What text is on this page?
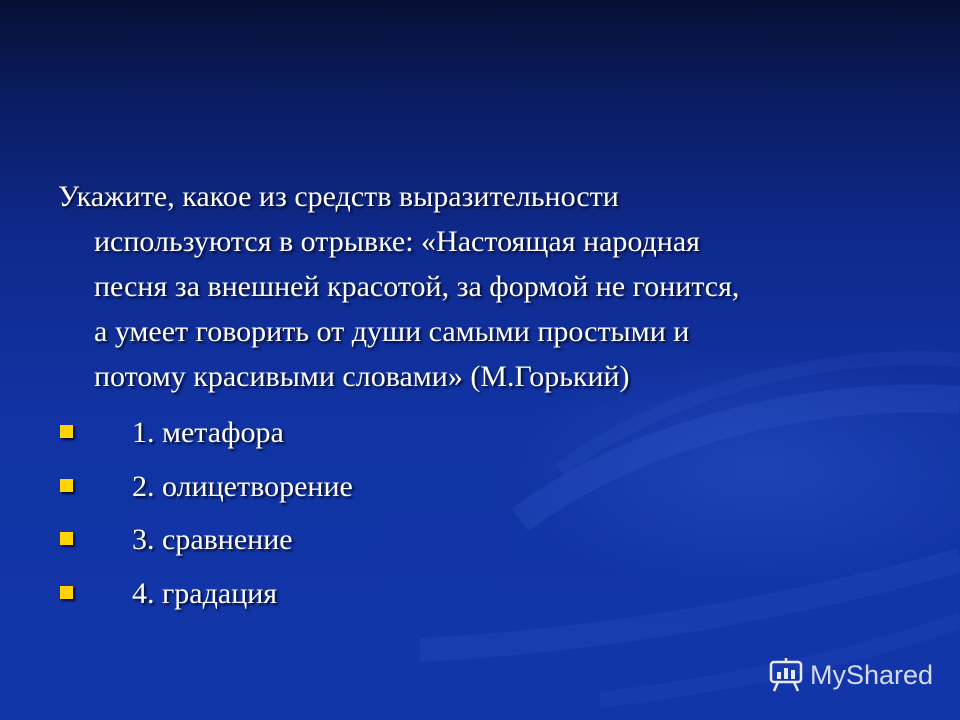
Укажите, какое из средств выразительности
используются в отрывке: «Настоящая народная
песня за внешней красотой, за формой не гонится,
а умеет говорить от души самыми простыми и
потому красивыми словами» (М.Горький)
1. метафора
2. олицетворение
3. сравнение
4. градация
MyShared
